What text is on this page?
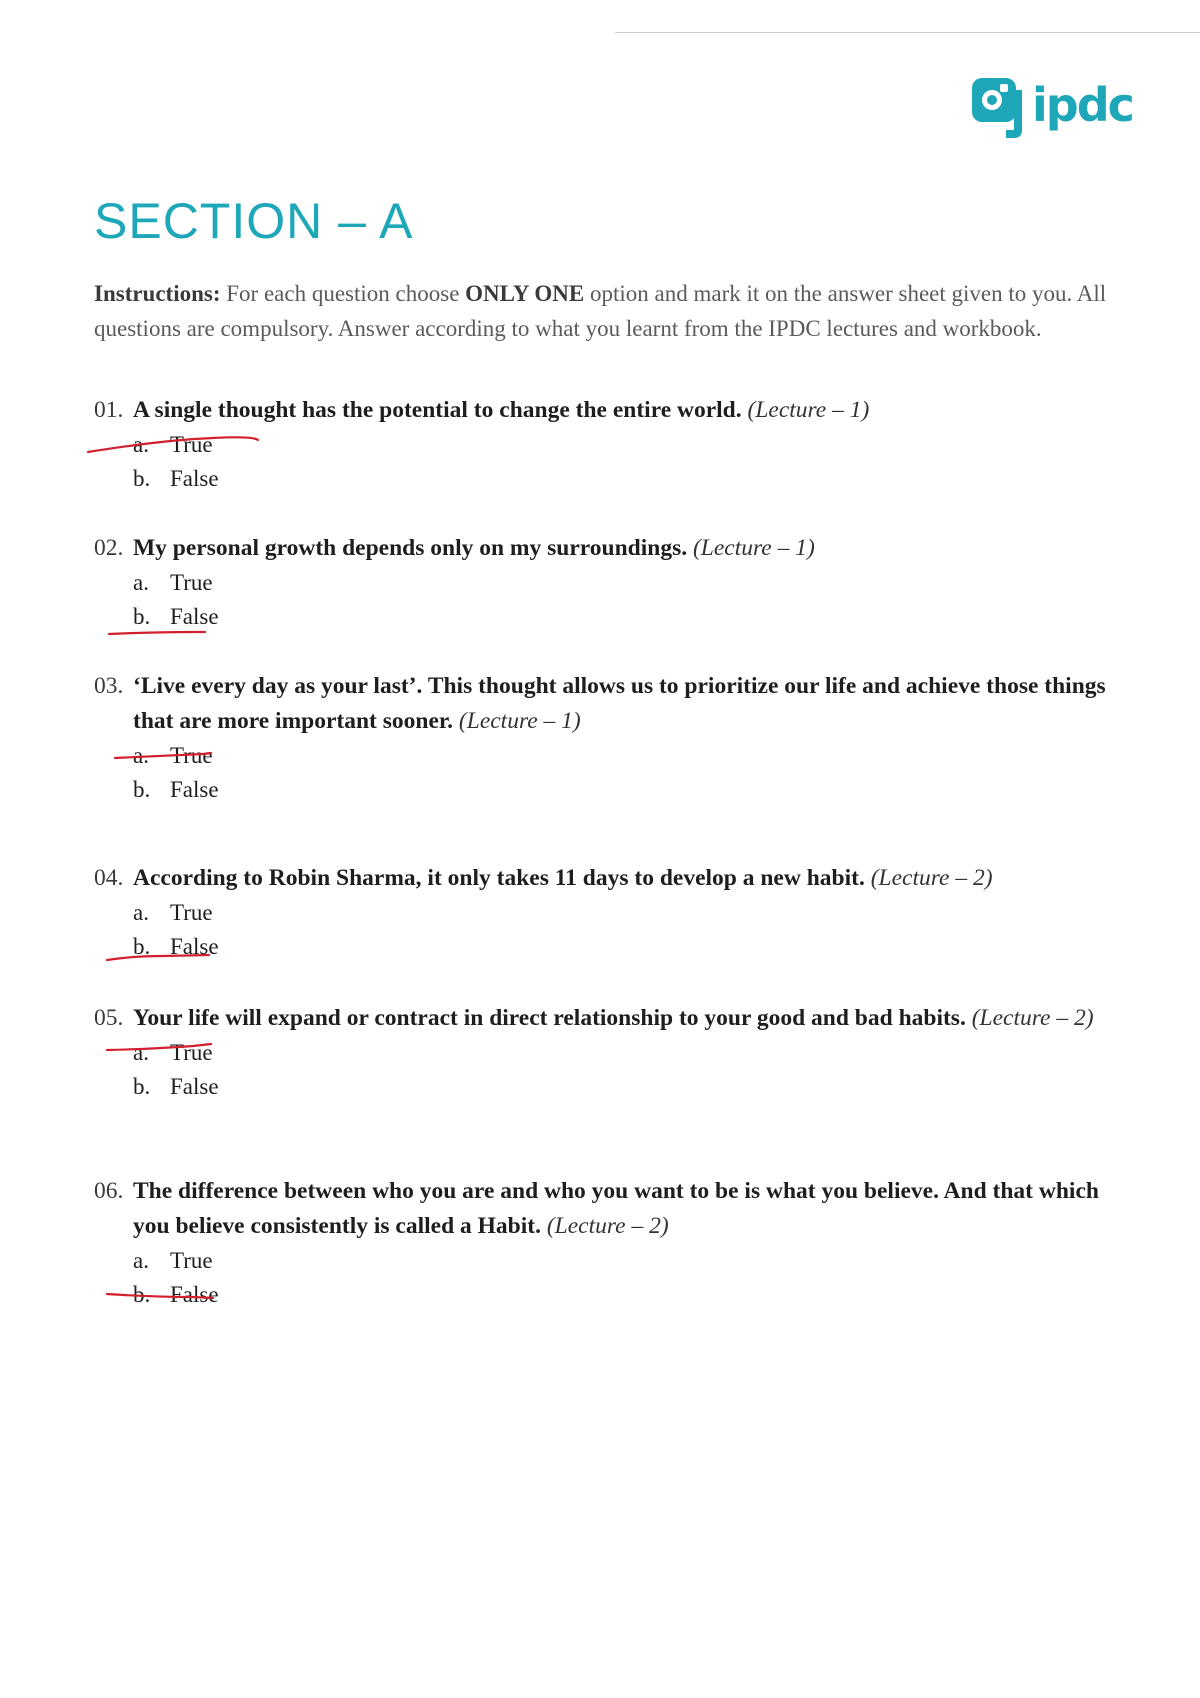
ipdc
SECTION – A

Instructions: For each question choose ONLY ONE option and mark it on the answer sheet given to you. All questions are compulsory. Answer according to what you learnt from the IPDC lectures and workbook.

01. A single thought has the potential to change the entire world. (Lecture – 1)
a. True
b. False
02. My personal growth depends only on my surroundings. (Lecture – 1)
a. True
b. False
03. ‘Live every day as your last’. This thought allows us to prioritize our life and achieve those things that are more important sooner. (Lecture – 1)
a. True
b. False
04. According to Robin Sharma, it only takes 11 days to develop a new habit. (Lecture – 2)
a. True
b. False
05. Your life will expand or contract in direct relationship to your good and bad habits. (Lecture – 2)
a. True
b. False
06. The difference between who you are and who you want to be is what you believe. And that which you believe consistently is called a Habit. (Lecture – 2)
a. True
b. False
